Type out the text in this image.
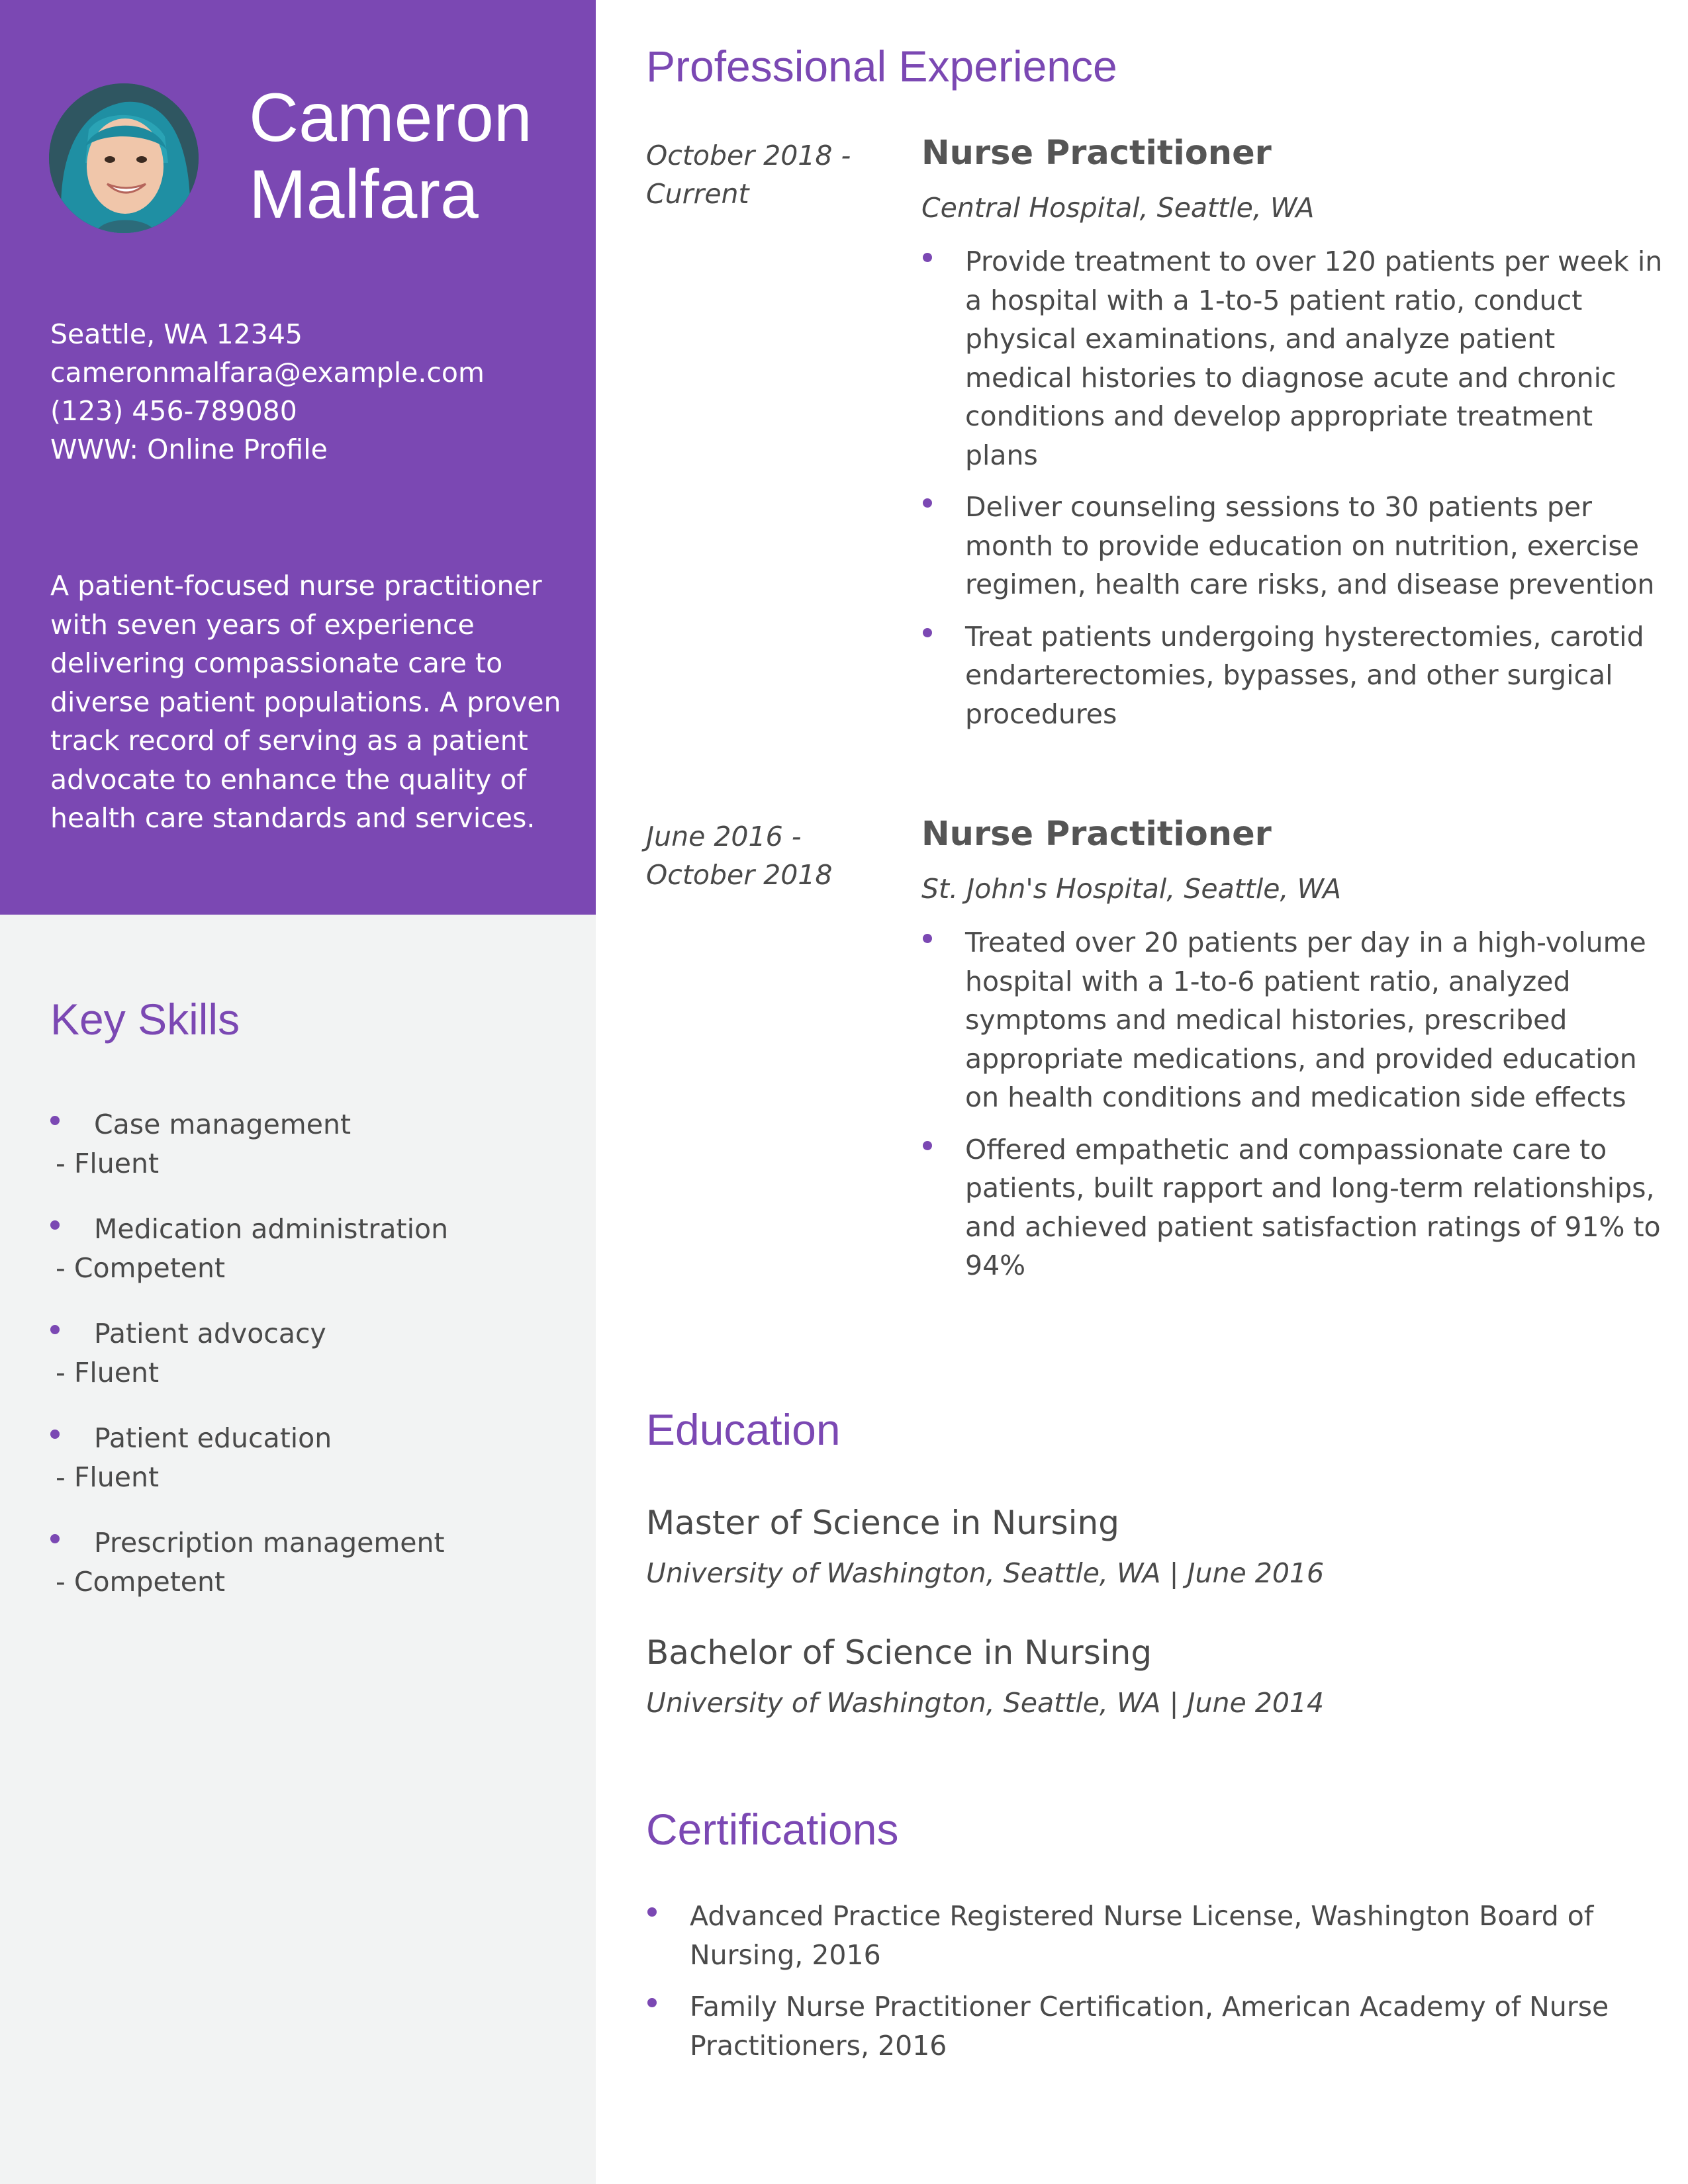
Cameron
Malfara
Seattle, WA 12345
cameronmalfara@example.com
(123) 456-789080
WWW: Online Profile

A patient-focused nurse practitioner with seven years of experience delivering compassionate care to diverse patient populations. A proven track record of serving as a patient advocate to enhance the quality of health care standards and services.

Key Skills
Case management
- Fluent
Medication administration
- Competent
Patient advocacy
- Fluent
Patient education
- Fluent
Prescription management
- Competent
Professional Experience
October 2018 -
Current
Nurse Practitioner
Central Hospital, Seattle, WA
Provide treatment to over 120 patients per week in a hospital with a 1-to-5 patient ratio, conduct physical examinations, and analyze patient medical histories to diagnose acute and chronic conditions and develop appropriate treatment plans
Deliver counseling sessions to 30 patients per month to provide education on nutrition, exercise regimen, health care risks, and disease prevention
Treat patients undergoing hysterectomies, carotid endarterectomies, bypasses, and other surgical procedures
June 2016 -
October 2018
Nurse Practitioner
St. John's Hospital, Seattle, WA
Treated over 20 patients per day in a high-volume hospital with a 1-to-6 patient ratio, analyzed symptoms and medical histories, prescribed appropriate medications, and provided education on health conditions and medication side effects
Offered empathetic and compassionate care to patients, built rapport and long-term relationships, and achieved patient satisfaction ratings of 91% to 94%
Education
Master of Science in Nursing
University of Washington, Seattle, WA | June 2016
Bachelor of Science in Nursing
University of Washington, Seattle, WA | June 2014
Certifications
Advanced Practice Registered Nurse License, Washington Board of Nursing, 2016
Family Nurse Practitioner Certification, American Academy of Nurse Practitioners, 2016
